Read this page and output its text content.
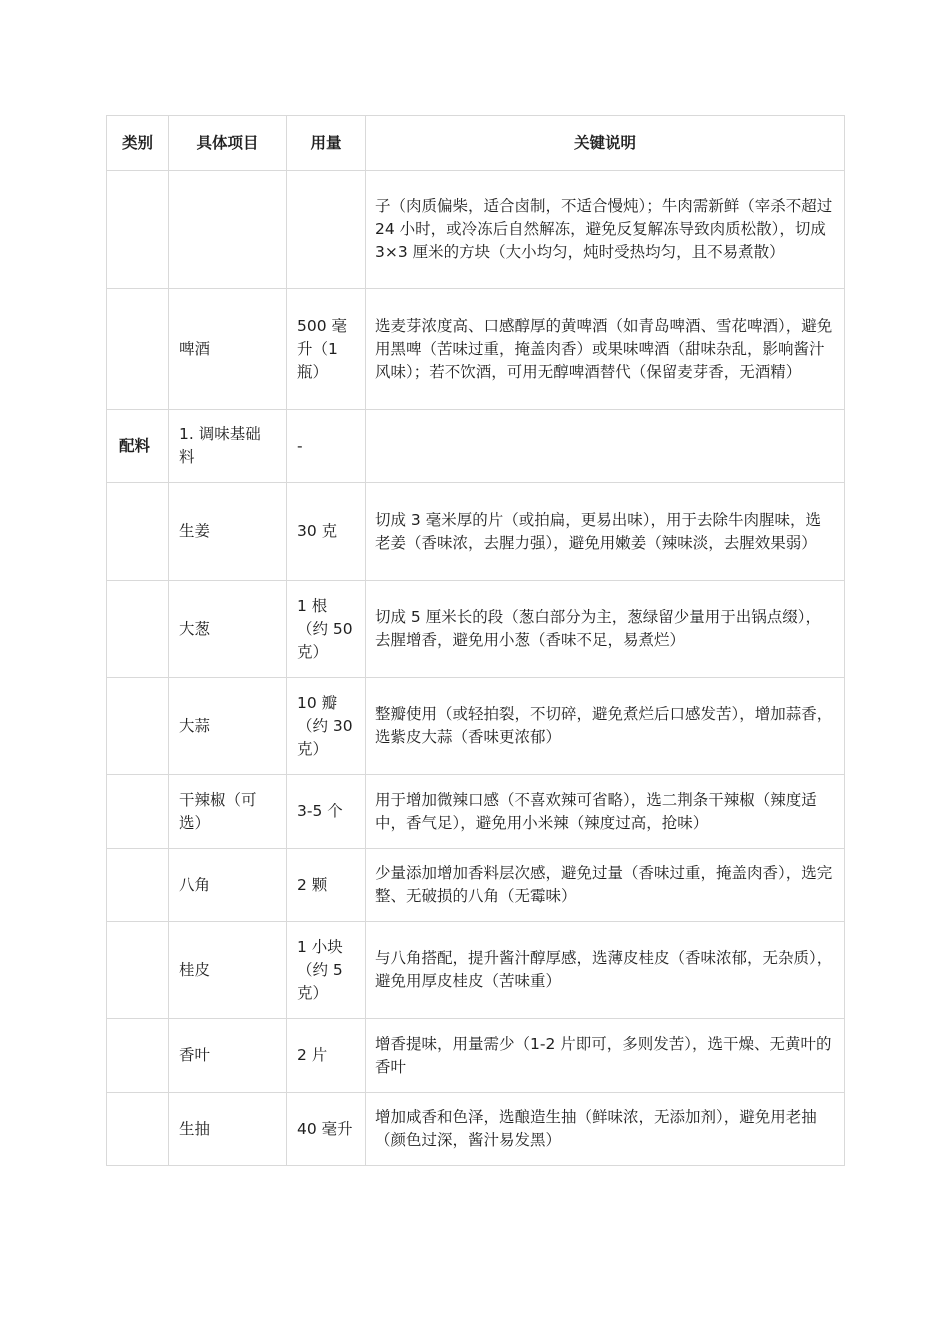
类别	具体项目	用量	关键说明
			子（肉质偏柴，适合卤制，不适合慢炖）；牛肉需新鲜（宰杀不超过 24 小时，或冷冻后自然解冻，避免反复解冻导致肉质松散），切成 3×3 厘米的方块（大小均匀，炖时受热均匀，且不易煮散）
	啤酒	500 毫升（1瓶）	选麦芽浓度高、口感醇厚的黄啤酒（如青岛啤酒、雪花啤酒），避免用黑啤（苦味过重，掩盖肉香）或果味啤酒（甜味杂乱，影响酱汁风味）；若不饮酒，可用无醇啤酒替代（保留麦芽香，无酒精）
配料	1. 调味基础料	-	
	生姜	30 克	切成 3 毫米厚的片（或拍扁，更易出味），用于去除牛肉腥味，选老姜（香味浓，去腥力强），避免用嫩姜（辣味淡，去腥效果弱）
	大葱	1 根（约 50 克）	切成 5 厘米长的段（葱白部分为主，葱绿留少量用于出锅点缀），去腥增香，避免用小葱（香味不足，易煮烂）
	大蒜	10 瓣（约 30 克）	整瓣使用（或轻拍裂，不切碎，避免煮烂后口感发苦），增加蒜香，选紫皮大蒜（香味更浓郁）
	干辣椒（可选）	3-5 个	用于增加微辣口感（不喜欢辣可省略），选二荆条干辣椒（辣度适中，香气足），避免用小米辣（辣度过高，抢味）
	八角	2 颗	少量添加增加香料层次感，避免过量（香味过重，掩盖肉香），选完整、无破损的八角（无霉味）
	桂皮	1 小块（约 5 克）	与八角搭配，提升酱汁醇厚感，选薄皮桂皮（香味浓郁，无杂质），避免用厚皮桂皮（苦味重）
	香叶	2 片	增香提味，用量需少（1-2 片即可，多则发苦），选干燥、无黄叶的香叶
	生抽	40 毫升	增加咸香和色泽，选酿造生抽（鲜味浓，无添加剂），避免用老抽（颜色过深，酱汁易发黑）
